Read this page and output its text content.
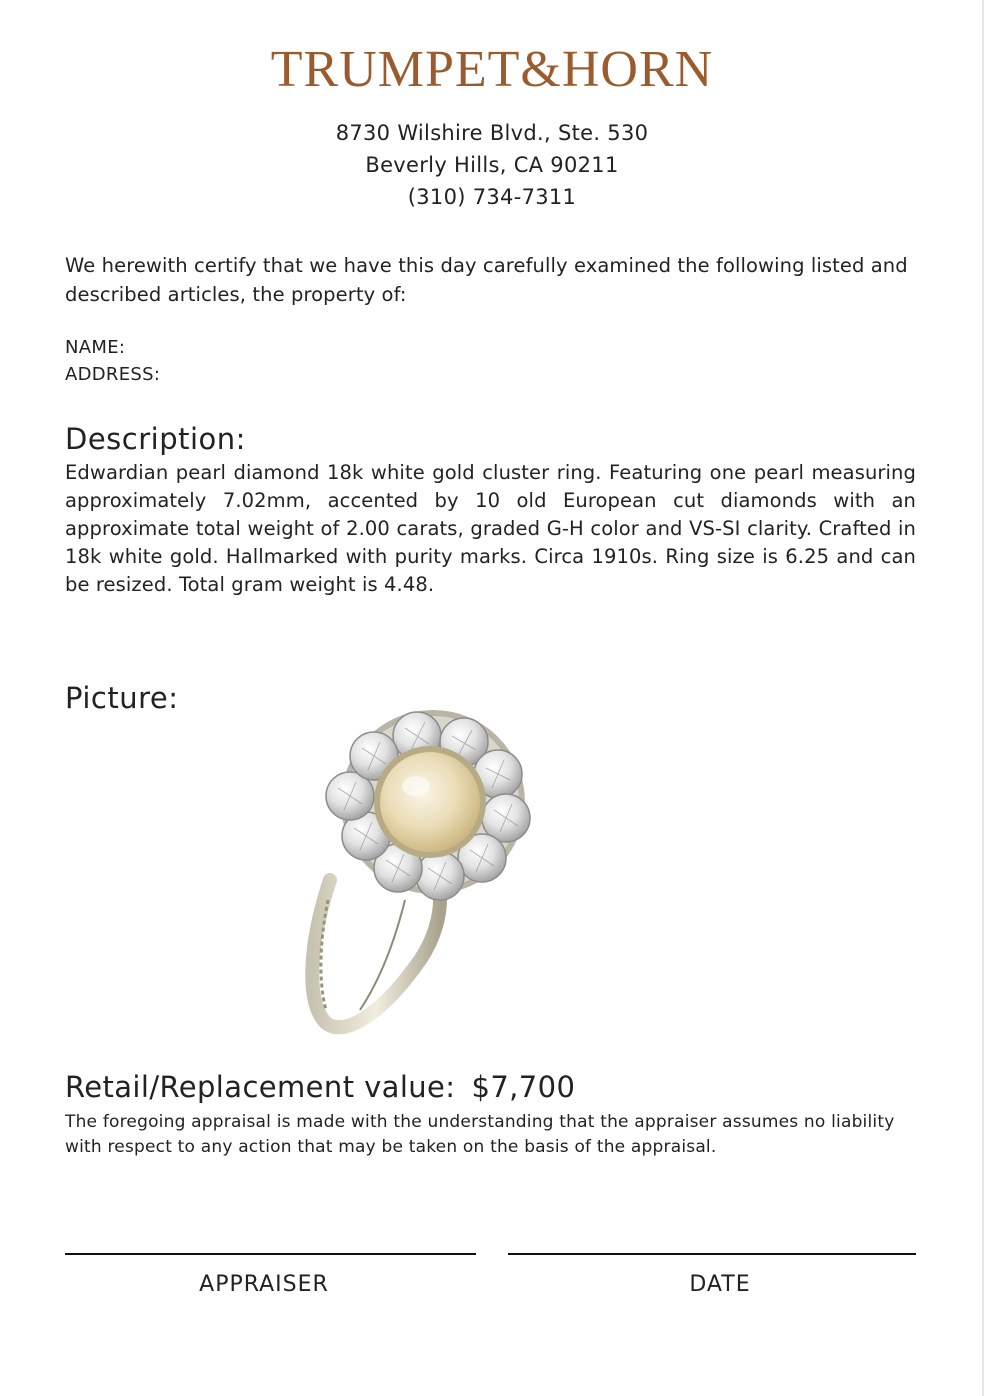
TRUMPET&HORN
8730 Wilshire Blvd., Ste. 530
Beverly Hills, CA 90211
(310) 734-7311
We herewith certify that we have this day carefully examined the following listed and described articles, the property of:
NAME:
ADDRESS:
Description:
Edwardian pearl diamond 18k white gold cluster ring. Featuring one pearl measuring approximately 7.02mm, accented by 10 old European cut diamonds with an approximate total weight of 2.00 carats, graded G-H color and VS-SI clarity. Crafted in 18k white gold. Hallmarked with purity marks. Circa 1910s. Ring size is 6.25 and can be resized. Total gram weight is 4.48.
Picture:
Retail/Replacement value: $7,700
The foregoing appraisal is made with the understanding that the appraiser assumes no liability with respect to any action that may be taken on the basis of the appraisal.
APPRAISER	DATE
